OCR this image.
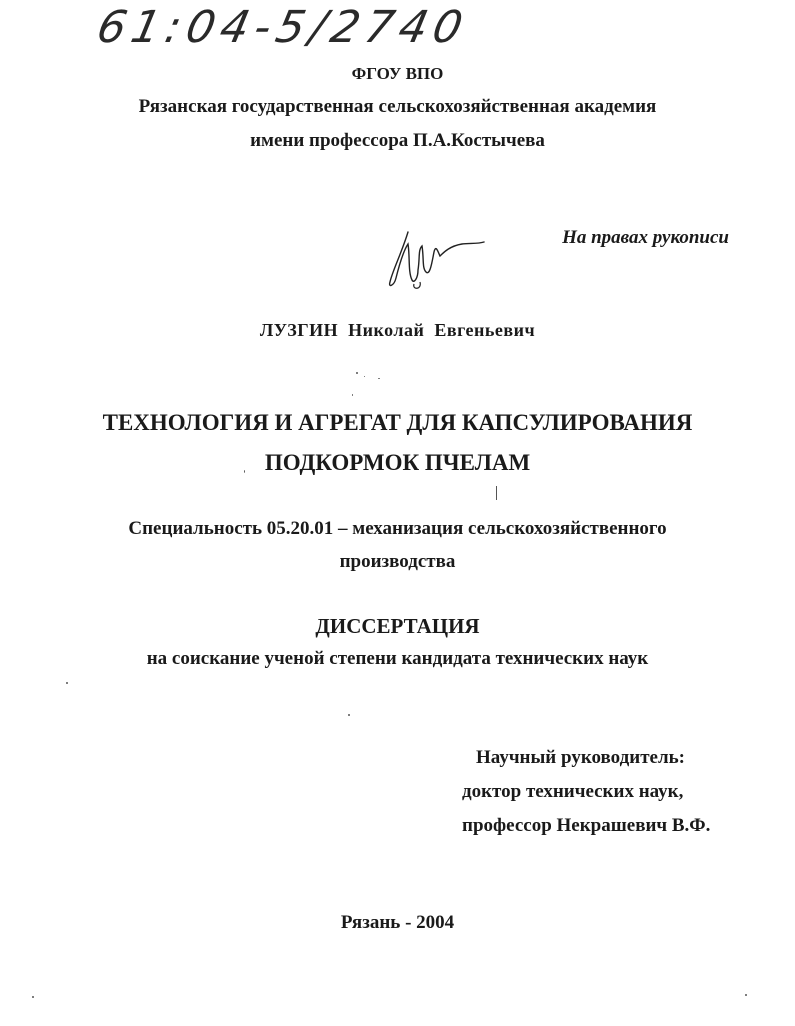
61:04-5/2740
ФГОУ ВПО
Рязанская государственная сельскохозяйственная академия
имени профессора П.А.Костычева
На правах рукописи
ЛУЗГИН  Николай  Евгеньевич
ТЕХНОЛОГИЯ И АГРЕГАТ ДЛЯ КАПСУЛИРОВАНИЯ
ПОДКОРМОК ПЧЕЛАМ
Специальность 05.20.01 – механизация сельскохозяйственного
производства
ДИССЕРТАЦИЯ
на соискание ученой степени кандидата технических наук
Научный руководитель:
доктор технических наук,
профессор Некрашевич В.Ф.
Рязань - 2004
